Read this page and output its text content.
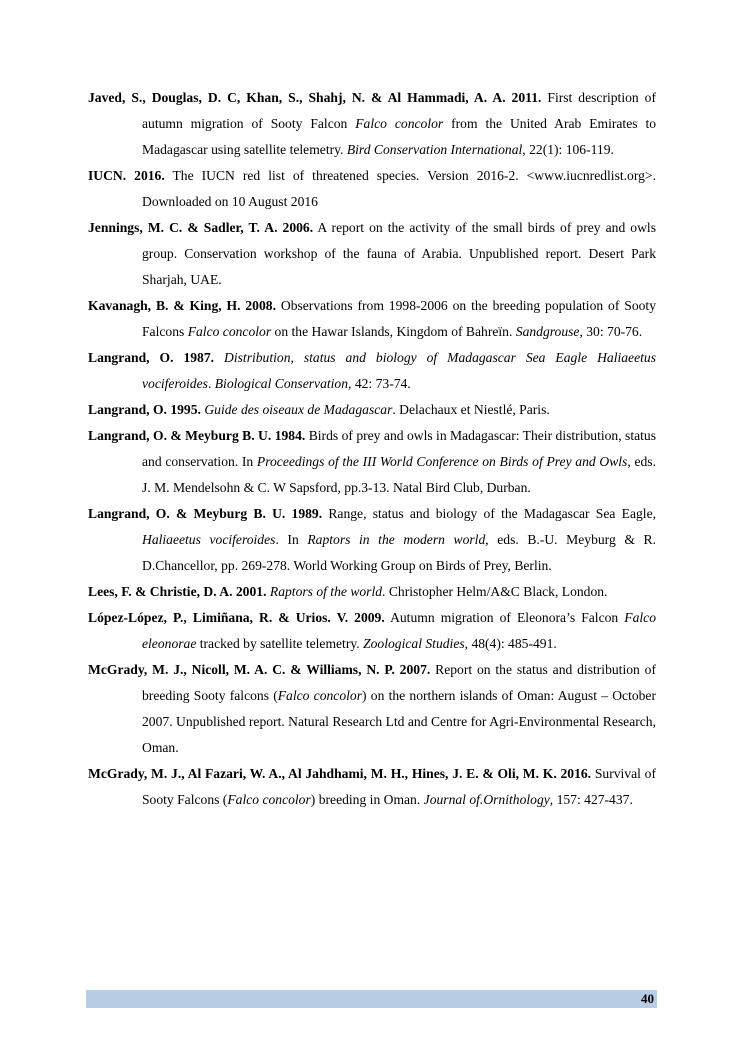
Javed, S., Douglas, D. C, Khan, S., Shahj, N. & Al Hammadi, A. A. 2011. First description of autumn migration of Sooty Falcon Falco concolor from the United Arab Emirates to Madagascar using satellite telemetry. Bird Conservation International, 22(1): 106-119.

IUCN. 2016. The IUCN red list of threatened species. Version 2016-2. <www.iucnredlist.org>. Downloaded on 10 August 2016

Jennings, M. C. & Sadler, T. A. 2006. A report on the activity of the small birds of prey and owls group. Conservation workshop of the fauna of Arabia. Unpublished report. Desert Park Sharjah, UAE.

Kavanagh, B. & King, H. 2008. Observations from 1998-2006 on the breeding population of Sooty Falcons Falco concolor on the Hawar Islands, Kingdom of Bahreïn. Sandgrouse, 30: 70-76.

Langrand, O. 1987. Distribution, status and biology of Madagascar Sea Eagle Haliaeetus vociferoides. Biological Conservation, 42: 73-74.

Langrand, O. 1995. Guide des oiseaux de Madagascar. Delachaux et Niestlé, Paris.

Langrand, O. & Meyburg B. U. 1984. Birds of prey and owls in Madagascar: Their distribution, status and conservation. In Proceedings of the III World Conference on Birds of Prey and Owls, eds. J. M. Mendelsohn & C. W Sapsford, pp.3-13. Natal Bird Club, Durban.

Langrand, O. & Meyburg B. U. 1989. Range, status and biology of the Madagascar Sea Eagle, Haliaeetus vociferoides. In Raptors in the modern world, eds. B.-U. Meyburg & R. D.Chancellor, pp. 269-278. World Working Group on Birds of Prey, Berlin.

Lees, F. & Christie, D. A. 2001. Raptors of the world. Christopher Helm/A&C Black, London.

López-López, P., Limiñana, R. & Urios. V. 2009. Autumn migration of Eleonora’s Falcon Falco eleonorae tracked by satellite telemetry. Zoological Studies, 48(4): 485-491.

McGrady, M. J., Nicoll, M. A. C. & Williams, N. P. 2007. Report on the status and distribution of breeding Sooty falcons (Falco concolor) on the northern islands of Oman: August – October 2007. Unpublished report. Natural Research Ltd and Centre for Agri-Environmental Research, Oman.

McGrady, M. J., Al Fazari, W. A., Al Jahdhami, M. H., Hines, J. E. & Oli, M. K. 2016. Survival of Sooty Falcons (Falco concolor) breeding in Oman. Journal of.Ornithology, 157: 427-437.

40
